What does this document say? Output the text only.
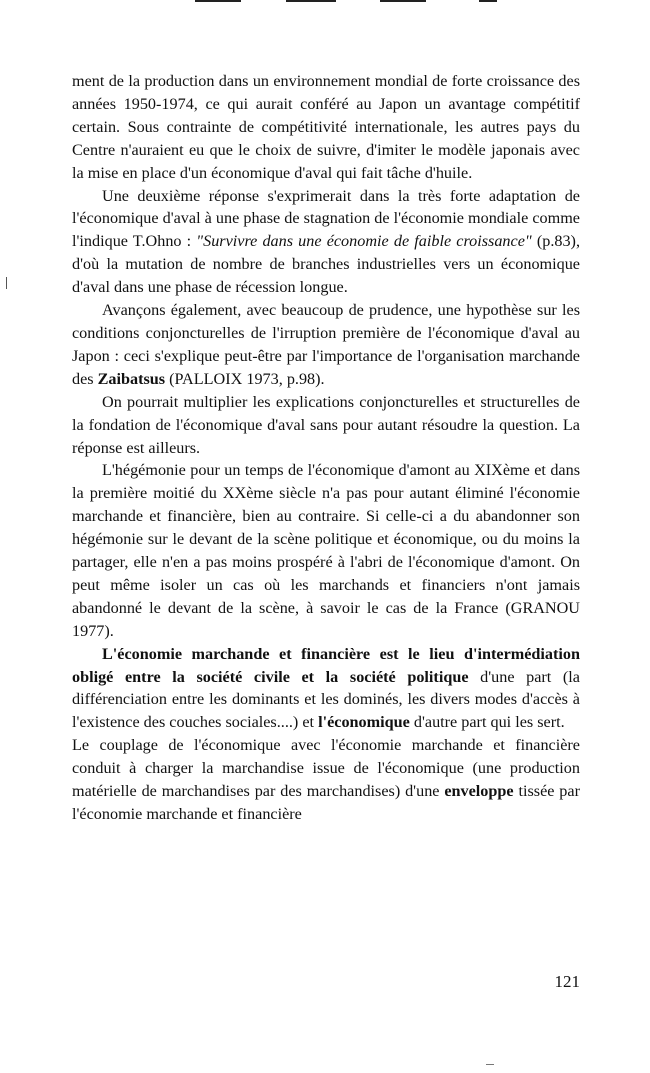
ment de la production dans un environnement mondial de forte croissance des années 1950-1974, ce qui aurait conféré au Japon un avantage compétitif certain. Sous contrainte de compétitivité internationale, les autres pays du Centre n'auraient eu que le choix de suivre, d'imiter le modèle japonais avec la mise en place d'un économique d'aval qui fait tâche d'huile.

Une deuxième réponse s'exprimerait dans la très forte adaptation de l'économique d'aval à une phase de stagnation de l'économie mondiale comme l'indique T.Ohno : "Survivre dans une économie de faible croissance" (p.83), d'où la mutation de nombre de branches industrielles vers un économique d'aval dans une phase de récession longue.

Avançons également, avec beaucoup de prudence, une hypothèse sur les conditions conjoncturelles de l'irruption première de l'économique d'aval au Japon : ceci s'explique peut-être par l'importance de l'organisation marchande des Zaibatsus (PALLOIX 1973, p.98).

On pourrait multiplier les explications conjoncturelles et structurelles de la fondation de l'économique d'aval sans pour autant résoudre la question. La réponse est ailleurs.

L'hégémonie pour un temps de l'économique d'amont au XIXème et dans la première moitié du XXème siècle n'a pas pour autant éliminé l'économie marchande et financière, bien au contraire. Si celle-ci a du abandonner son hégémonie sur le devant de la scène politique et économique, ou du moins la partager, elle n'en a pas moins prospéré à l'abri de l'économique d'amont. On peut même isoler un cas où les marchands et financiers n'ont jamais abandonné le devant de la scène, à savoir le cas de la France (GRANOU 1977).

L'économie marchande et financière est le lieu d'intermédiation obligé entre la société civile et la société politique d'une part (la différenciation entre les dominants et les dominés, les divers modes d'accès à l'existence des couches sociales....) et l'économique d'autre part qui les sert.

Le couplage de l'économique avec l'économie marchande et financière conduit à charger la marchandise issue de l'économique (une production matérielle de marchandises par des marchandises) d'une enveloppe tissée par l'économie marchande et financière

121
